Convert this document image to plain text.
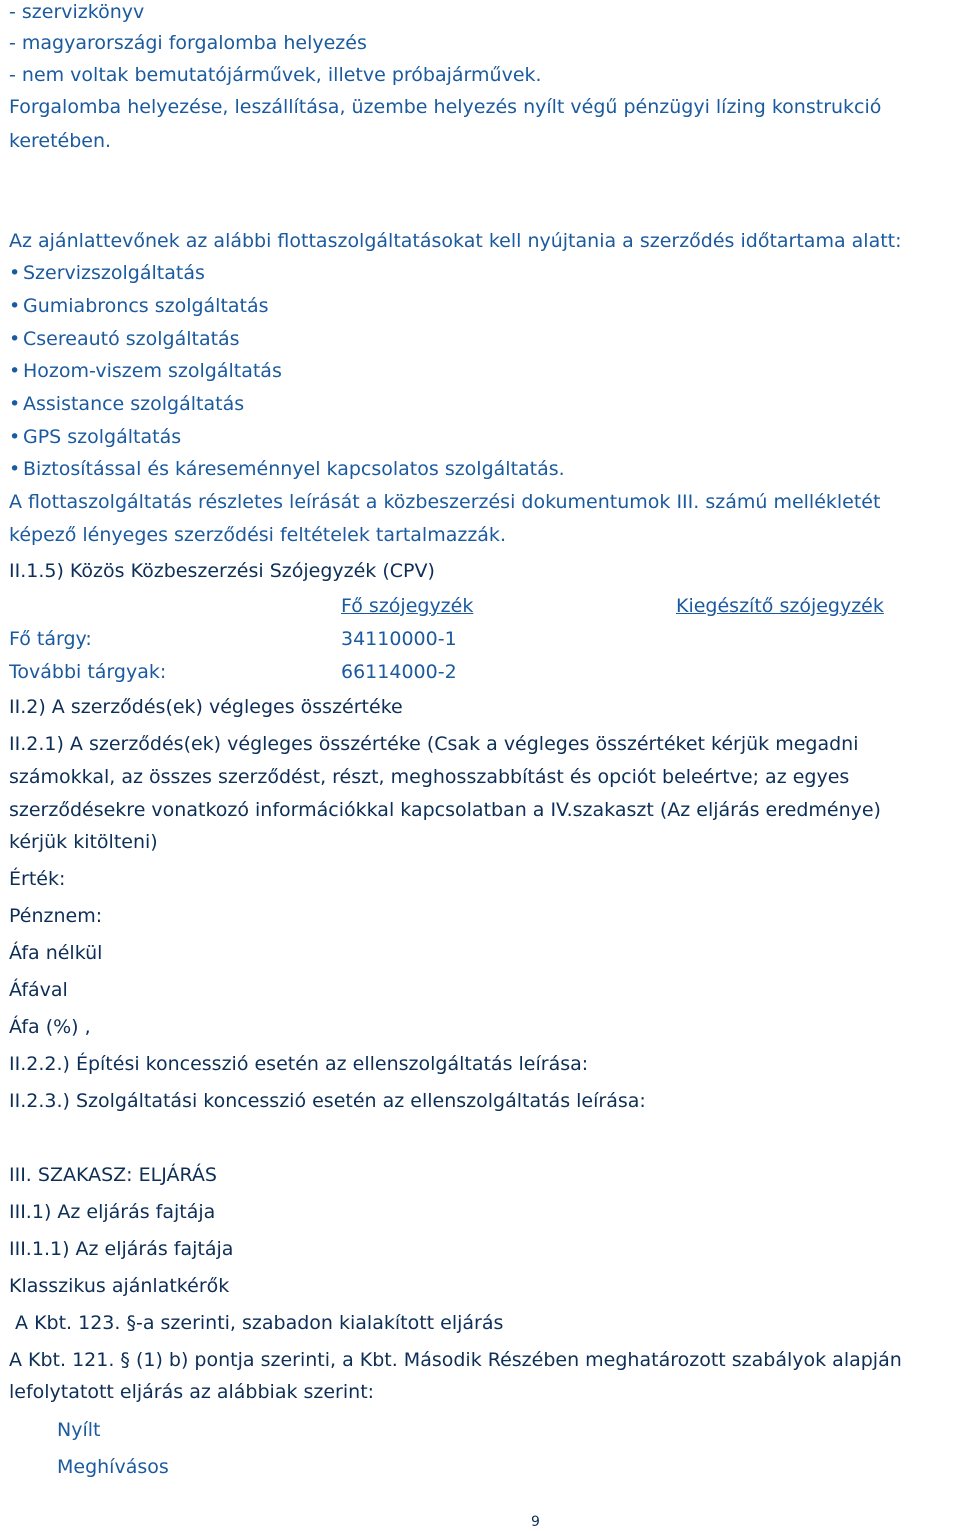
- szervizkönyv
- magyarországi forgalomba helyezés
- nem voltak bemutatójárművek, illetve próbajárművek.
Forgalomba helyezése, leszállítása, üzembe helyezés nyílt végű pénzügyi lízing konstrukció
keretében.
Az ajánlattevőnek az alábbi flottaszolgáltatásokat kell nyújtania a szerződés időtartama alatt:
• Szervizszolgáltatás
• Gumiabroncs szolgáltatás
• Csereautó szolgáltatás
• Hozom-viszem szolgáltatás
• Assistance szolgáltatás
• GPS szolgáltatás
• Biztosítással és káreseménnyel kapcsolatos szolgáltatás.
A flottaszolgáltatás részletes leírását a közbeszerzési dokumentumok III. számú mellékletét
képező lényeges szerződési feltételek tartalmazzák.
II.1.5) Közös Közbeszerzési Szójegyzék (CPV)
Fő szójegyzék	Kiegészítő szójegyzék
Fő tárgy:	34110000-1
További tárgyak:	66114000-2
II.2) A szerződés(ek) végleges összértéke
II.2.1) A szerződés(ek) végleges összértéke (Csak a végleges összértéket kérjük megadni
számokkal, az összes szerződést, részt, meghosszabbítást és opciót beleértve; az egyes
szerződésekre vonatkozó információkkal kapcsolatban a IV.szakaszt (Az eljárás eredménye)
kérjük kitölteni)
Érték:
Pénznem:
Áfa nélkül
Áfával
Áfa (%) ,
II.2.2.) Építési koncesszió esetén az ellenszolgáltatás leírása:
II.2.3.) Szolgáltatási koncesszió esetén az ellenszolgáltatás leírása:
III. SZAKASZ: ELJÁRÁS
III.1) Az eljárás fajtája
III.1.1) Az eljárás fajtája
Klasszikus ajánlatkérők
A Kbt. 123. §-a szerinti, szabadon kialakított eljárás
A Kbt. 121. § (1) b) pontja szerinti, a Kbt. Második Részében meghatározott szabályok alapján
lefolytatott eljárás az alábbiak szerint:
Nyílt
Meghívásos
9
